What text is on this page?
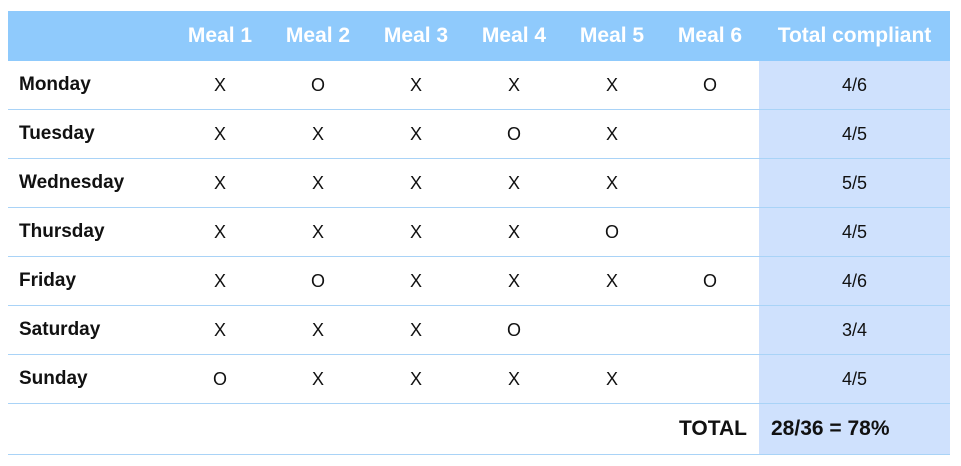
	Meal 1	Meal 2	Meal 3	Meal 4	Meal 5	Meal 6	Total compliant
Monday	X	O	X	X	X	O	4/6
Tuesday	X	X	X	O	X		4/5
Wednesday	X	X	X	X	X		5/5
Thursday	X	X	X	X	O		4/5
Friday	X	O	X	X	X	O	4/6
Saturday	X	X	X	O			3/4
Sunday	O	X	X	X	X		4/5
TOTAL							28/36 = 78%
